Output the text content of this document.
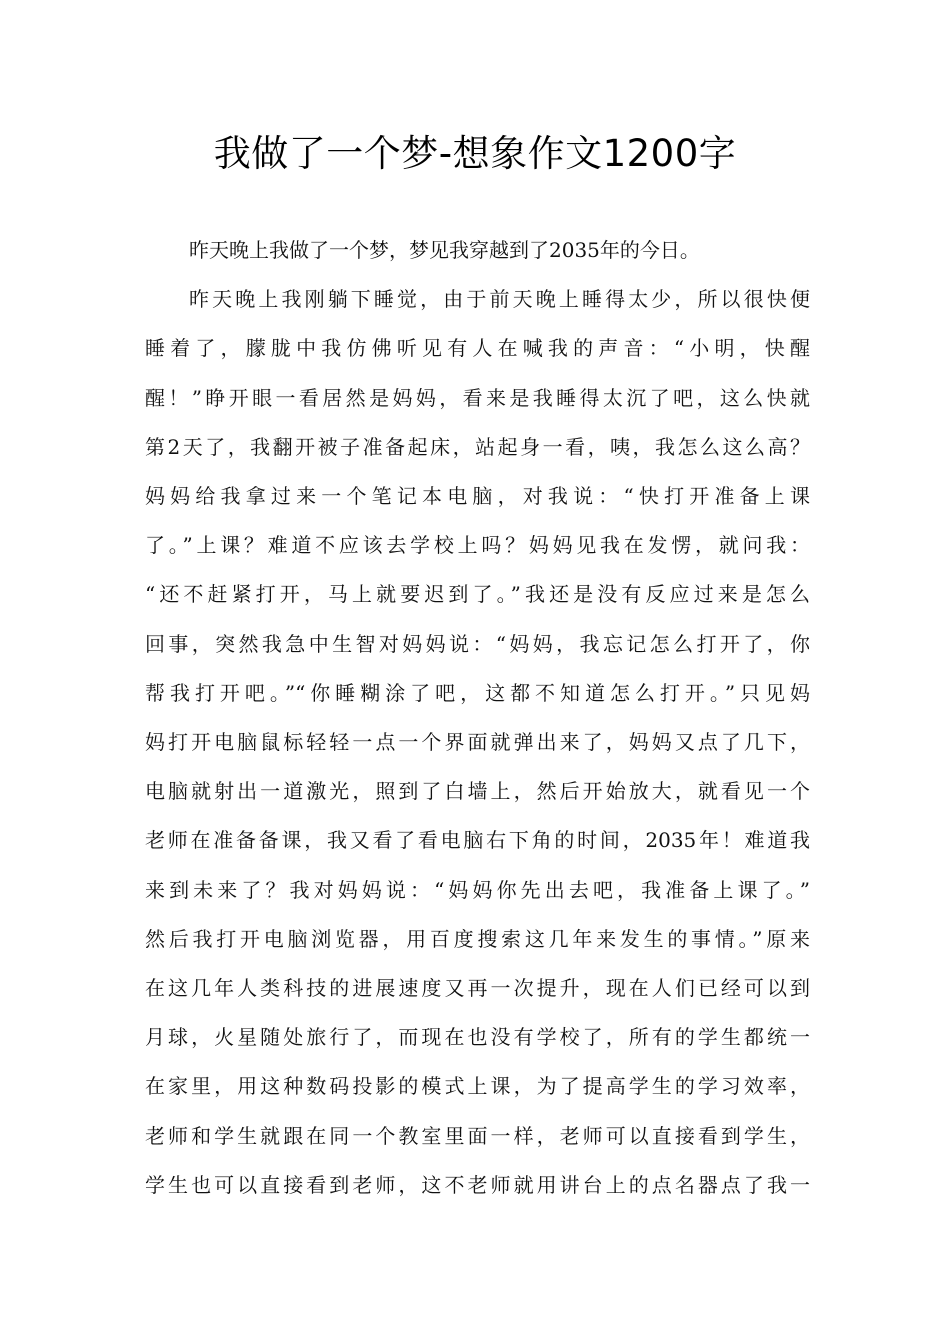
我做了一个梦-想象作文1200字
昨天晚上我做了一个梦，梦见我穿越到了2035年的今日。
昨天晚上我刚躺下睡觉，由于前天晚上睡得太少，所以很快便
睡着了，朦胧中我仿佛听见有人在喊我的声音：“小明，快醒
醒！”睁开眼一看居然是妈妈，看来是我睡得太沉了吧，这么快就
第2天了，我翻开被子准备起床，站起身一看，咦，我怎么这么高？
妈妈给我拿过来一个笔记本电脑，对我说：“快打开准备上课
了。”上课？难道不应该去学校上吗？妈妈见我在发愣，就问我：
“还不赶紧打开，马上就要迟到了。”我还是没有反应过来是怎么
回事，突然我急中生智对妈妈说：“妈妈，我忘记怎么打开了，你
帮我打开吧。”“你睡糊涂了吧，这都不知道怎么打开。”只见妈
妈打开电脑鼠标轻轻一点一个界面就弹出来了，妈妈又点了几下，
电脑就射出一道激光，照到了白墙上，然后开始放大，就看见一个
老师在准备备课，我又看了看电脑右下角的时间，2035年！难道我
来到未来了？我对妈妈说：“妈妈你先出去吧，我准备上课了。”
然后我打开电脑浏览器，用百度搜索这几年来发生的事情。”原来
在这几年人类科技的进展速度又再一次提升，现在人们已经可以到
月球，火星随处旅行了，而现在也没有学校了，所有的学生都统一
在家里，用这种数码投影的模式上课，为了提高学生的学习效率，
老师和学生就跟在同一个教室里面一样，老师可以直接看到学生，
学生也可以直接看到老师，这不老师就用讲台上的点名器点了我一
